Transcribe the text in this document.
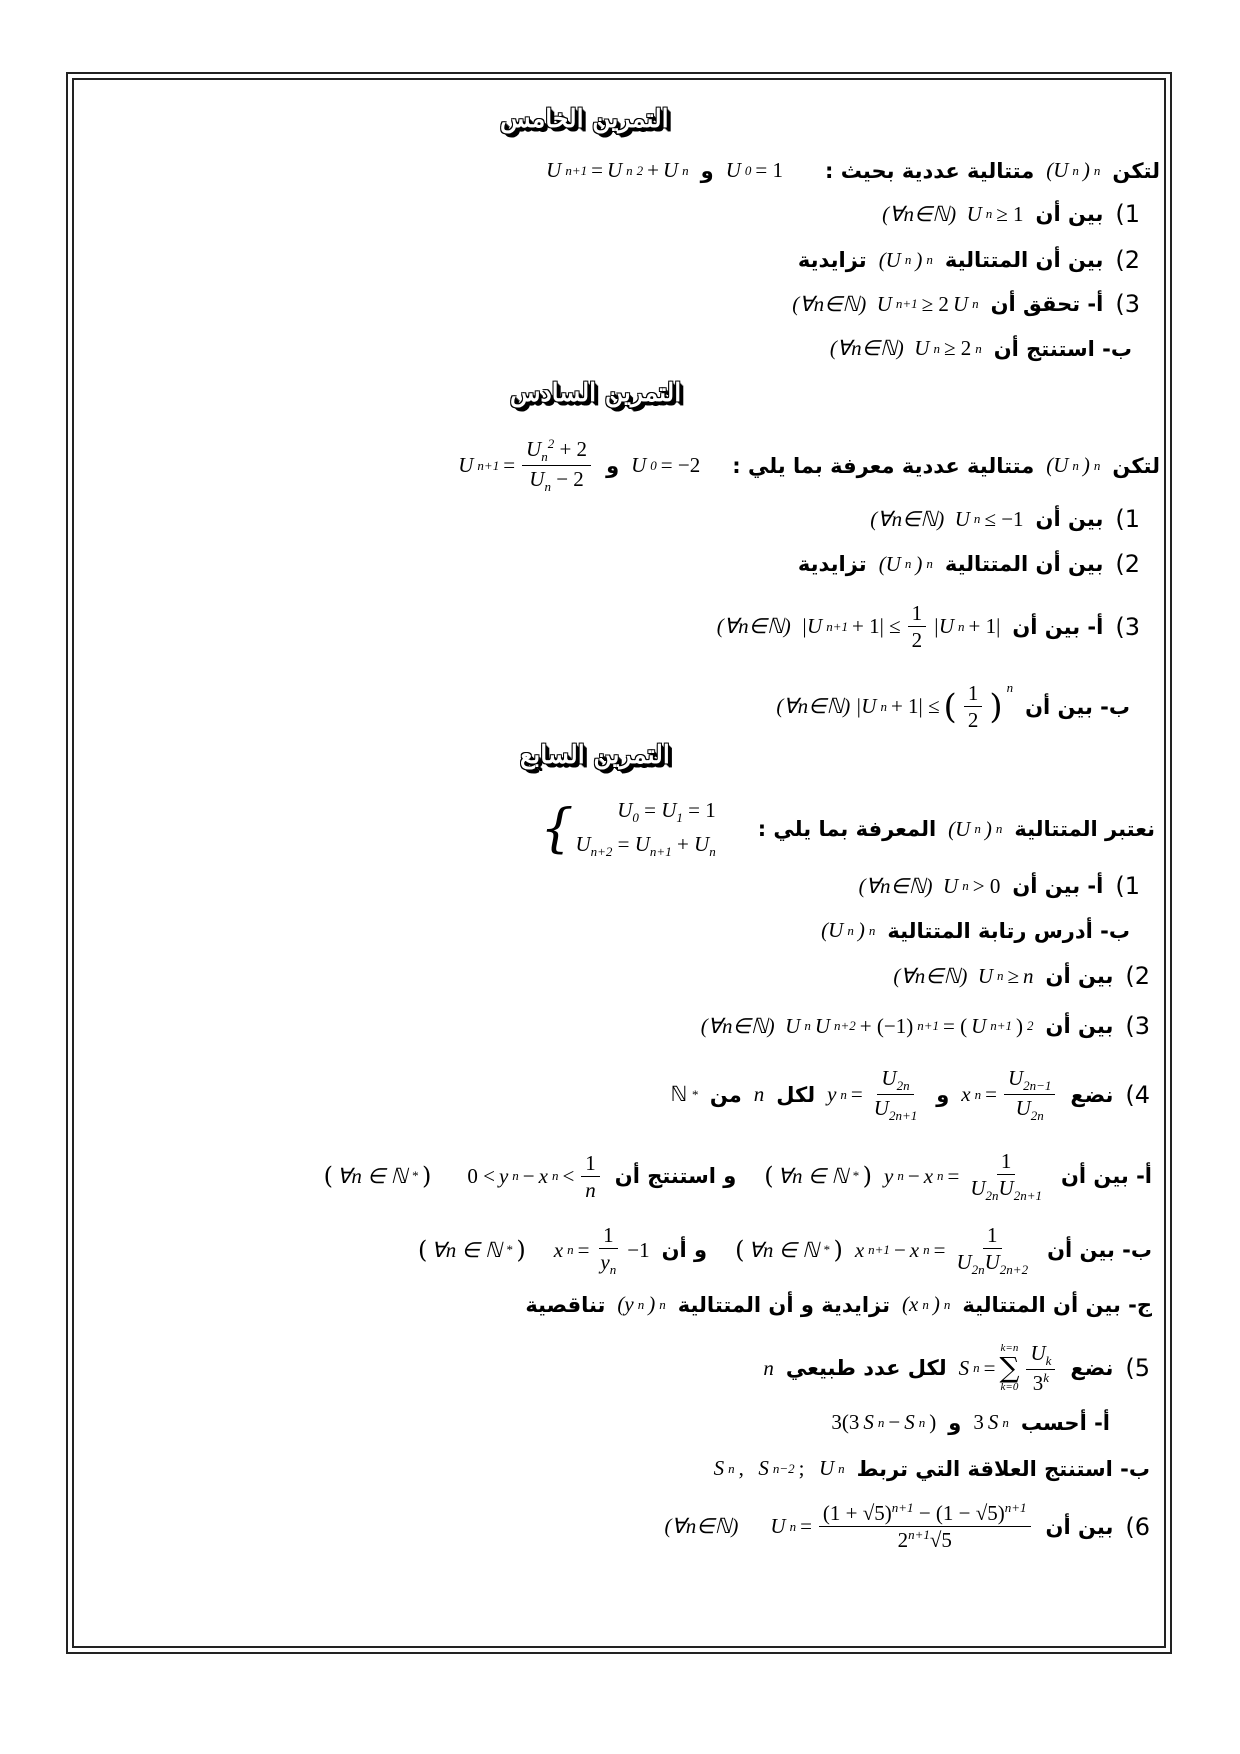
التمرين الخامس
لتكن
(U n ) n
متتالية عددية بحيث :
U 0 = 1
و
U n+1 = U n 2 + U n
1)
بين أن
(∀n∈ℕ)  U n ≥ 1
2)
بين أن المتتالية
(U n ) n
تزايدية
3)
أ- تحقق أن
(∀n∈ℕ)  U n+1 ≥ 2 U n
ب- استنتج أن
(∀n∈ℕ)  U n ≥ 2 n
التمرين السادس
لتكن
(U n ) n
متتالية عددية معرفة بما يلي :
U 0 = −2
و
U $n+1 = \frac{U_n^2 + 2}{U_n - 2}$
1)
بين أن
(∀n∈ℕ)  U n ≤ −1
2)
بين أن المتتالية
(U n ) n
تزايدية
3)
أ- بين أن
(∀n∈ℕ)  |U $n+1 + 1| \le \frac{1}{2} |U$ n + 1|
ب- بين أن
(∀n∈ℕ) |U n + 1| ≤ ( $\frac{1}{2}$ ) $^n$
التمرين السابع
نعتبر المتتالية
(U n ) n
المعرفة بما يلي :
{	$U_0 = U_1 = 1$
$U_{n+2} = U_{n+1} + U_n$
1)
أ- بين أن
(∀n∈ℕ)  U n > 0
ب- أدرس رتابة المتتالية
(U n ) n
2)
بين أن
(∀n∈ℕ)  U n ≥ n
3)
بين أن
(∀n∈ℕ)  U n U n+2 + (−1) n+1 = ( U n+1 ) 2
4)
نضع
x $n = \frac{U_{2n-1}}{U_{2n}}$
و
y $n = \frac{U_{2n}}{U_{2n+1}}$
لكل
n
من
ℕ *
أ- بين أن
y n − x $n = \frac{1}{U_{2n}U_{2n+1}}$
( ∀n ∈ ℕ * )
و استنتج أن
0 < y n − x $n < \frac{1}{n}$
( ∀n ∈ ℕ * )
ب- بين أن
x n+1 − x $n = \frac{1}{U_{2n}U_{2n+2}}$
( ∀n ∈ ℕ * )
و أن
x $n = \frac{1}{y_n} -1$
( ∀n ∈ ℕ * )
ج- بين أن المتتالية
(x n ) n
تزايدية و أن المتتالية
(y n ) n
تناقصية
5)
نضع
S n =
k=n
∑
$k=0 \frac{U_k}{3^k}$
لكل عدد طبيعي
n
أ- أحسب
3 S n
و
3(3 S n − S n )
ب- استنتج العلاقة التي تربط
S n , S n−2 ; U n
6)
بين أن
U $n = \frac{(1 + √5)^{n+1} - (1 - √5)^{n+1}}{2^{n+1}√5}$
(∀n∈ℕ)
